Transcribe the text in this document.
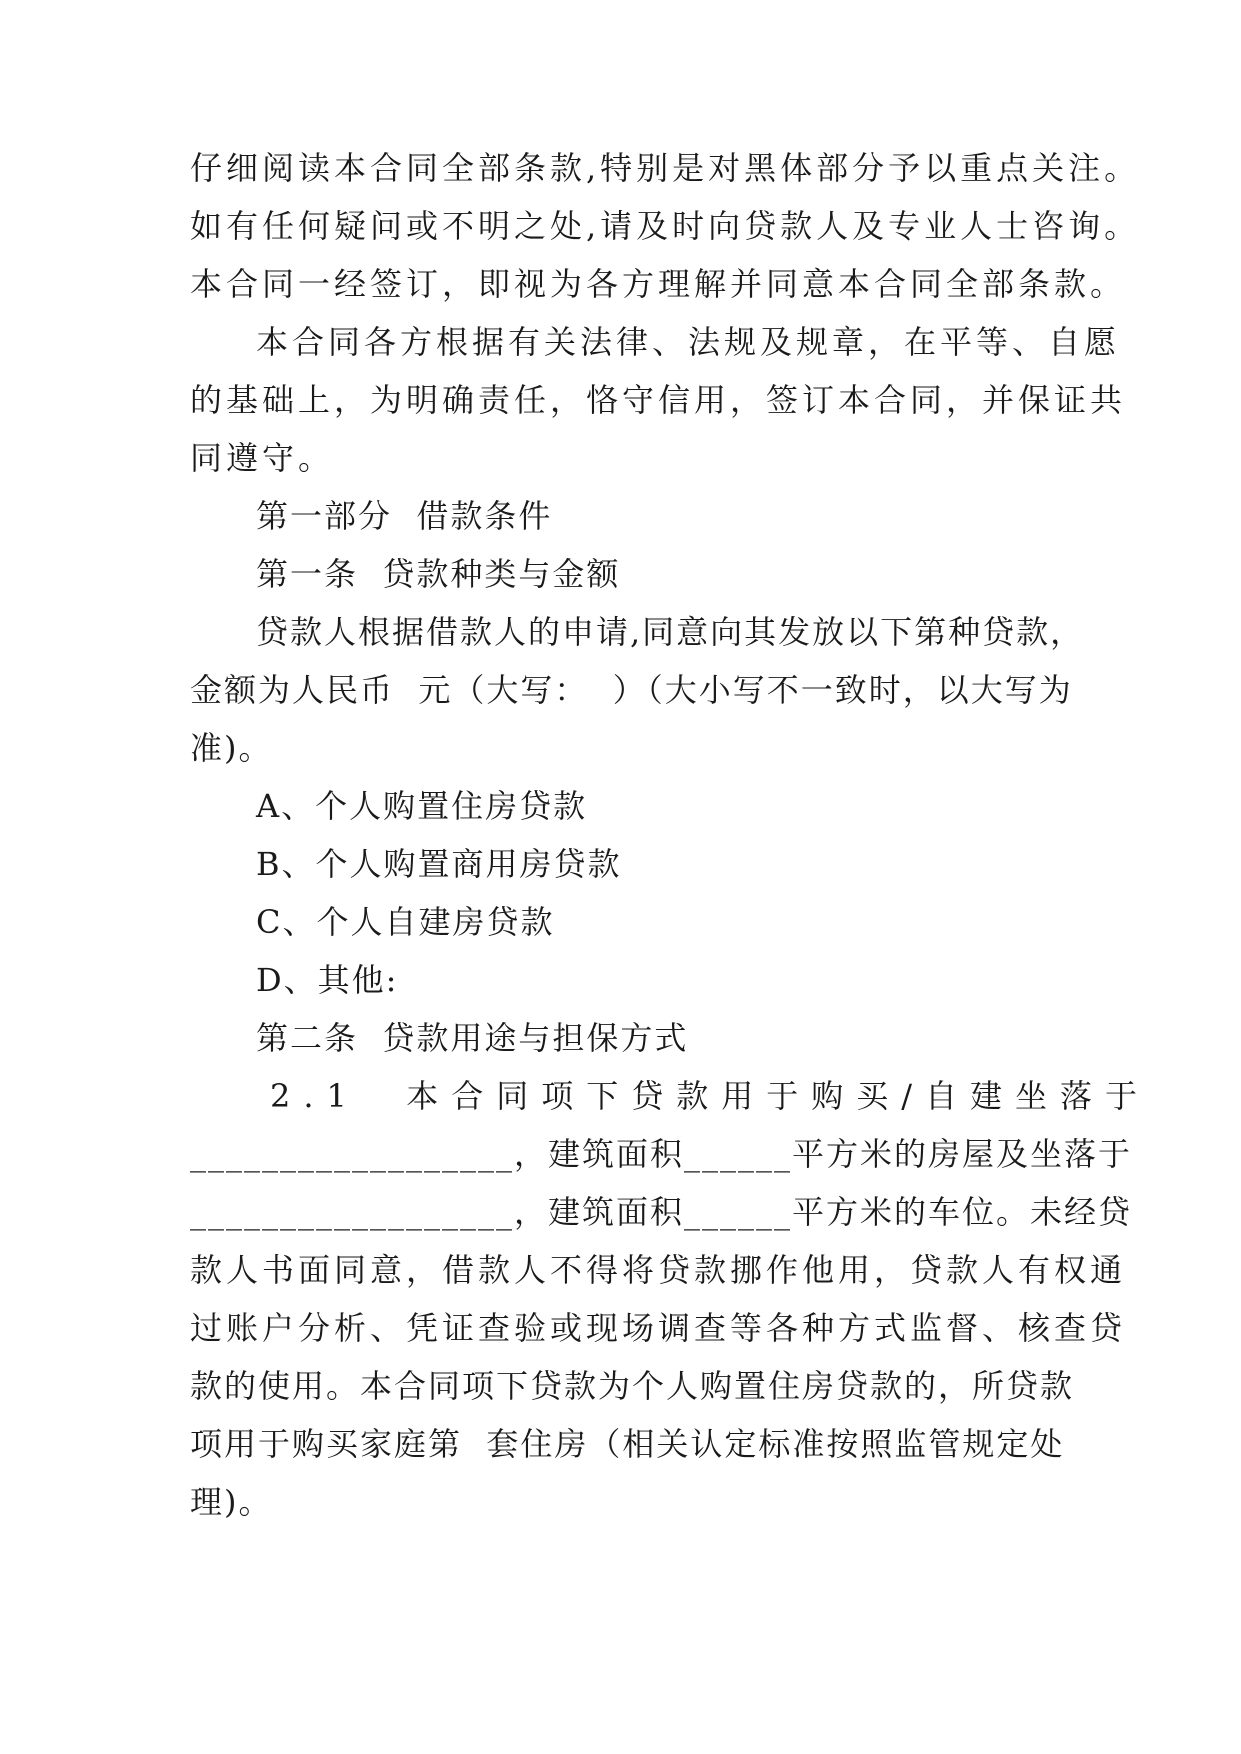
仔细阅读本合同全部条款,特别是对黑体部分予以重点关注。
如有任何疑问或不明之处,请及时向贷款人及专业人士咨询。
本合同一经签订，即视为各方理解并同意本合同全部条款。
本合同各方根据有关法律、法规及规章，在平等、自愿
的基础上，为明确责任，恪守信用，签订本合同，并保证共
同遵守。
第一部分  借款条件
第一条  贷款种类与金额
贷款人根据借款人的申请,同意向其发放以下第种贷款，
金额为人民币  元（大写：  ）（大小写不一致时，以大写为
准)。
A、个人购置住房贷款
B、个人购置商用房贷款
C、个人自建房贷款
D、其他:
第二条  贷款用途与担保方式
2.1  本合同项下贷款用于购买/自建坐落于
__________________，建筑面积______平方米的房屋及坐落于
__________________，建筑面积______平方米的车位。未经贷
款人书面同意，借款人不得将贷款挪作他用，贷款人有权通
过账户分析、凭证查验或现场调查等各种方式监督、核查贷
款的使用。本合同项下贷款为个人购置住房贷款的，所贷款
项用于购买家庭第  套住房（相关认定标准按照监管规定处
理)。
